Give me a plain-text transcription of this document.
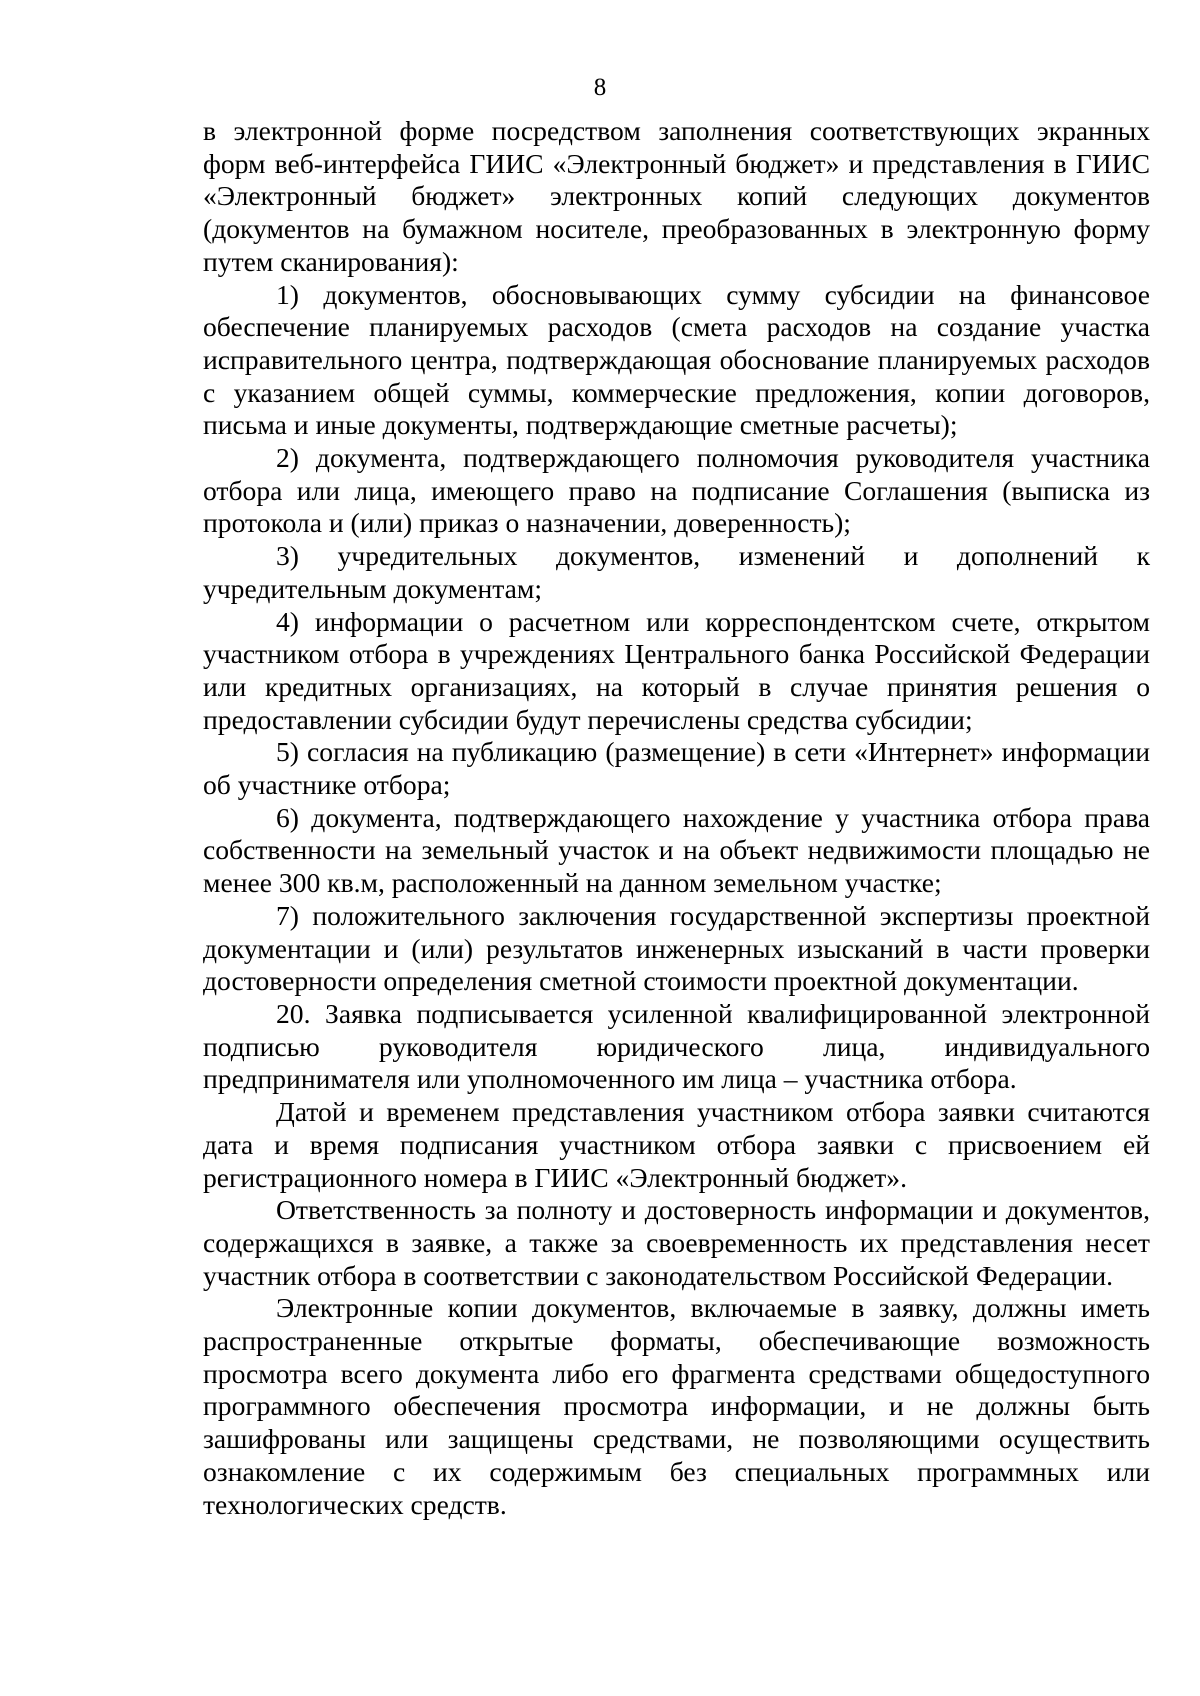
8

в электронной форме посредством заполнения соответствующих экранных форм веб-интерфейса ГИИС «Электронный бюджет» и представления в ГИИС «Электронный бюджет» электронных копий следующих документов (документов на бумажном носителе, преобразованных в электронную форму путем сканирования):

1) документов, обосновывающих сумму субсидии на финансовое обеспечение планируемых расходов (смета расходов на создание участка исправительного центра, подтверждающая обоснование планируемых расходов с указанием общей суммы, коммерческие предложения, копии договоров, письма и иные документы, подтверждающие сметные расчеты);

2) документа, подтверждающего полномочия руководителя участника отбора или лица, имеющего право на подписание Соглашения (выписка из протокола и (или) приказ о назначении, доверенность);

3) учредительных документов, изменений и дополнений к учредительным документам;

4) информации о расчетном или корреспондентском счете, открытом участником отбора в учреждениях Центрального банка Российской Федерации или кредитных организациях, на который в случае принятия решения о предоставлении субсидии будут перечислены средства субсидии;

5) согласия на публикацию (размещение) в сети «Интернет» информации об участнике отбора;

6) документа, подтверждающего нахождение у участника отбора права собственности на земельный участок и на объект недвижимости площадью не менее 300 кв.м, расположенный на данном земельном участке;

7) положительного заключения государственной экспертизы проектной документации и (или) результатов инженерных изысканий в части проверки достоверности определения сметной стоимости проектной документации.

20. Заявка подписывается усиленной квалифицированной электронной подписью руководителя юридического лица, индивидуального предпринимателя или уполномоченного им лица – участника отбора.

Датой и временем представления участником отбора заявки считаются дата и время подписания участником отбора заявки с присвоением ей регистрационного номера в ГИИС «Электронный бюджет».

Ответственность за полноту и достоверность информации и документов, содержащихся в заявке, а также за своевременность их представления несет участник отбора в соответствии с законодательством Российской Федерации.

Электронные копии документов, включаемые в заявку, должны иметь распространенные открытые форматы, обеспечивающие возможность просмотра всего документа либо его фрагмента средствами общедоступного программного обеспечения просмотра информации, и не должны быть зашифрованы или защищены средствами, не позволяющими осуществить ознакомление с их содержимым без специальных программных или технологических средств.
